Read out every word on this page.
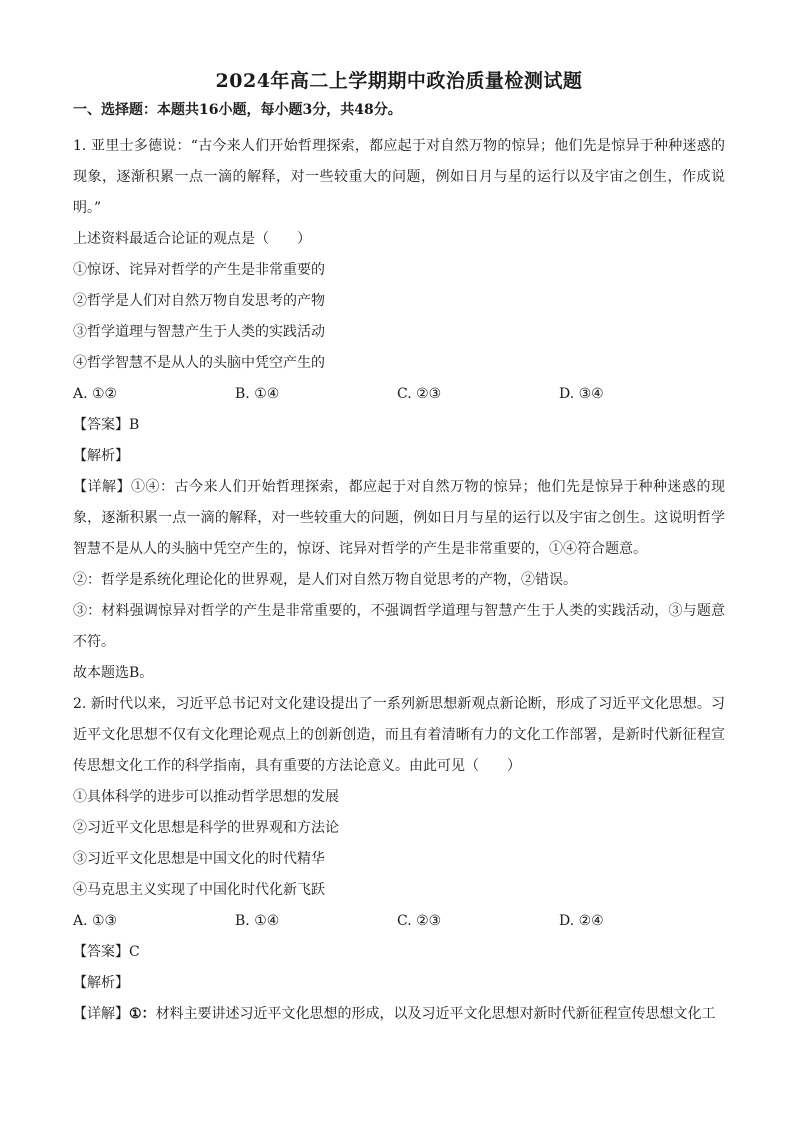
2024年高二上学期期中政治质量检测试题
一、选择题：本题共16小题，每小题3分，共48分。

1. 亚里士多德说：“古今来人们开始哲理探索，都应起于对自然万物的惊异；他们先是惊异于种种迷惑的现象，逐渐积累一点一滴的解释，对一些较重大的问题，例如日月与星的运行以及宇宙之创生，作成说明。”

上述资料最适合论证的观点是（　　）

①惊讶、诧异对哲学的产生是非常重要的

②哲学是人们对自然万物自发思考的产物

③哲学道理与智慧产生于人类的实践活动

④哲学智慧不是从人的头脑中凭空产生的

A. ①②	B. ①④	C. ②③	D. ③④

【答案】B

【解析】

【详解】①④：古今来人们开始哲理探索，都应起于对自然万物的惊异；他们先是惊异于种种迷惑的现象，逐渐积累一点一滴的解释，对一些较重大的问题，例如日月与星的运行以及宇宙之创生。这说明哲学智慧不是从人的头脑中凭空产生的，惊讶、诧异对哲学的产生是非常重要的，①④符合题意。

②：哲学是系统化理论化的世界观，是人们对自然万物自觉思考的产物，②错误。

③：材料强调惊异对哲学的产生是非常重要的，不强调哲学道理与智慧产生于人类的实践活动，③与题意不符。

故本题选B。

2. 新时代以来，习近平总书记对文化建设提出了一系列新思想新观点新论断，形成了习近平文化思想。习近平文化思想不仅有文化理论观点上的创新创造，而且有着清晰有力的文化工作部署，是新时代新征程宣传思想文化工作的科学指南，具有重要的方法论意义。由此可见（　　）

①具体科学的进步可以推动哲学思想的发展

②习近平文化思想是科学的世界观和方法论

③习近平文化思想是中国文化的时代精华

④马克思主义实现了中国化时代化新飞跃

A. ①③	B. ①④	C. ②③	D. ②④

【答案】C

【解析】

【详解】①：材料主要讲述习近平文化思想的形成，以及习近平文化思想对新时代新征程宣传思想文化工
